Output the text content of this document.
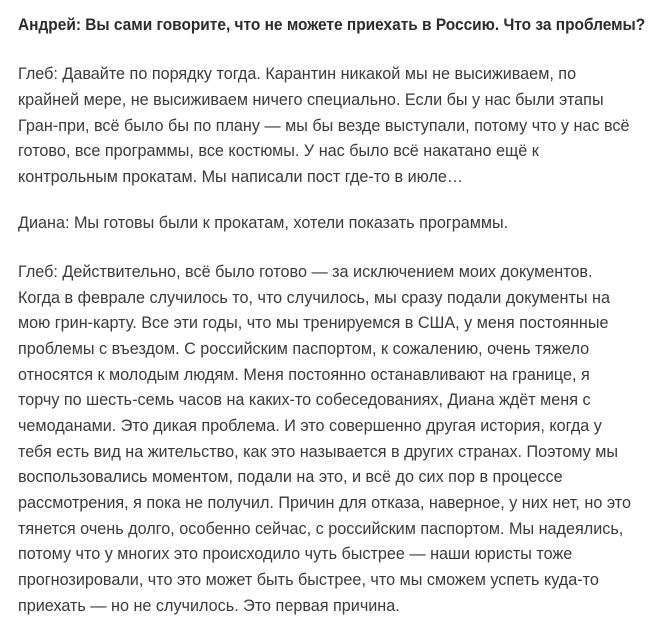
Андрей: Вы сами говорите, что не можете приехать в Россию. Что за проблемы?
Глеб: Давайте по порядку тогда. Карантин никакой мы не высиживаем, по
крайней мере, не высиживаем ничего специально. Если бы у нас были этапы
Гран-при, всё было бы по плану — мы бы везде выступали, потому что у нас всё
готово, все программы, все костюмы. У нас было всё накатано ещё к
контрольным прокатам. Мы написали пост где-то в июле…
Диана: Мы готовы были к прокатам, хотели показать программы.
Глеб: Действительно, всё было готово — за исключением моих документов.
Когда в феврале случилось то, что случилось, мы сразу подали документы на
мою грин-карту. Все эти годы, что мы тренируемся в США, у меня постоянные
проблемы с въездом. С российским паспортом, к сожалению, очень тяжело
относятся к молодым людям. Меня постоянно останавливают на границе, я
торчу по шесть-семь часов на каких-то собеседованиях, Диана ждёт меня с
чемоданами. Это дикая проблема. И это совершенно другая история, когда у
тебя есть вид на жительство, как это называется в других странах. Поэтому мы
воспользовались моментом, подали на это, и всё до сих пор в процессе
рассмотрения, я пока не получил. Причин для отказа, наверное, у них нет, но это
тянется очень долго, особенно сейчас, с российским паспортом. Мы надеялись,
потому что у многих это происходило чуть быстрее — наши юристы тоже
прогнозировали, что это может быть быстрее, что мы сможем успеть куда-то
приехать — но не случилось. Это первая причина.
